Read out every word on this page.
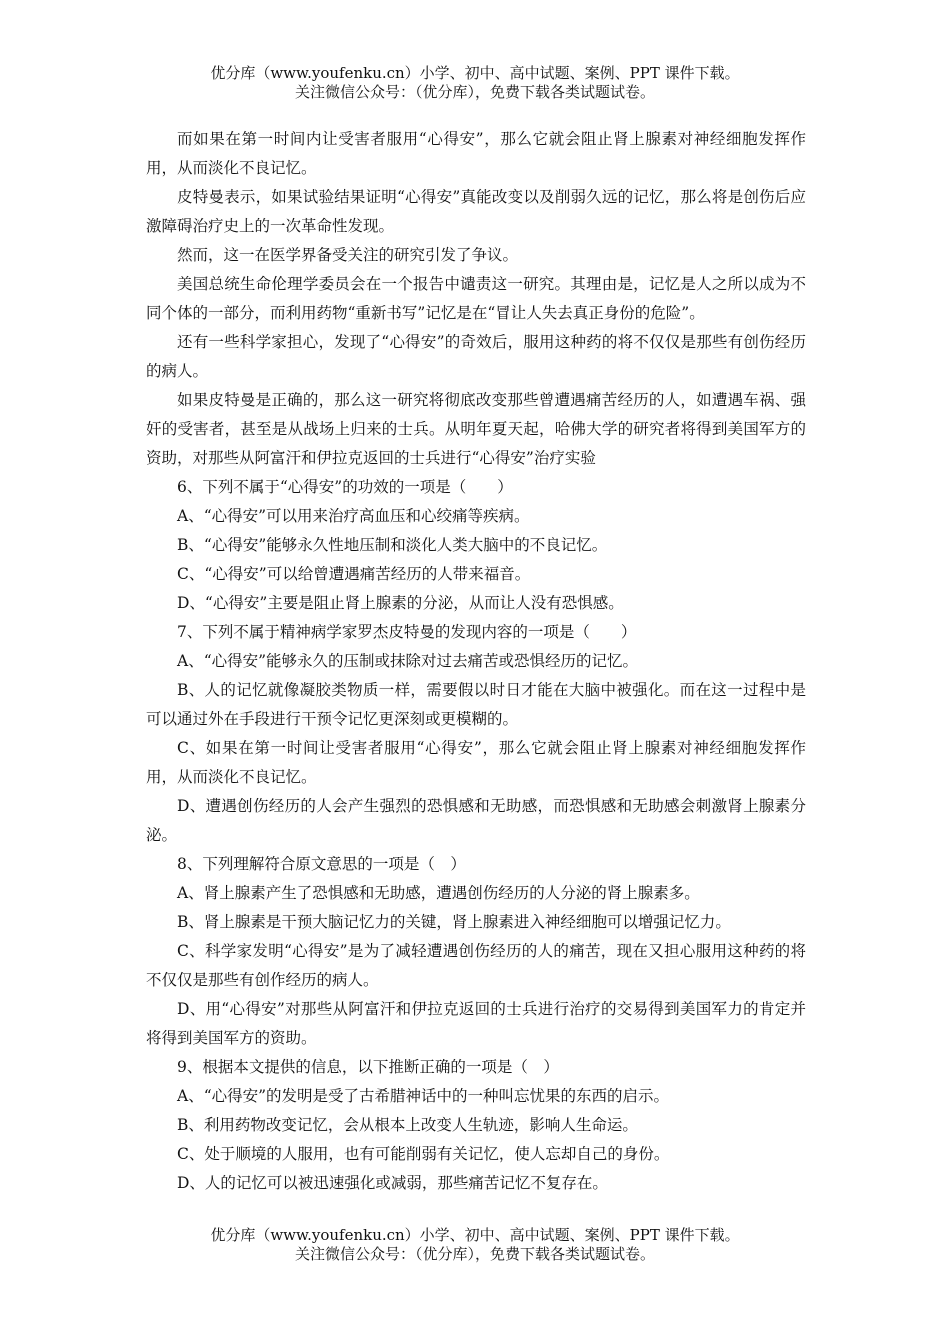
优分库（www.youfenku.cn）小学、初中、高中试题、案例、PPT 课件下载。
关注微信公众号：（优分库），免费下载各类试题试卷。

而如果在第一时间内让受害者服用“心得安”，那么它就会阻止肾上腺素对神经细胞发挥作用，从而淡化不良记忆。

皮特曼表示，如果试验结果证明“心得安”真能改变以及削弱久远的记忆，那么将是创伤后应激障碍治疗史上的一次革命性发现。

然而，这一在医学界备受关注的研究引发了争议。

美国总统生命伦理学委员会在一个报告中谴责这一研究。其理由是，记忆是人之所以成为不同个体的一部分，而利用药物“重新书写”记忆是在“冒让人失去真正身份的危险”。

还有一些科学家担心，发现了“心得安”的奇效后，服用这种药的将不仅仅是那些有创伤经历的病人。

如果皮特曼是正确的，那么这一研究将彻底改变那些曾遭遇痛苦经历的人，如遭遇车祸、强奸的受害者，甚至是从战场上归来的士兵。从明年夏天起，哈佛大学的研究者将得到美国军方的资助，对那些从阿富汗和伊拉克返回的士兵进行“心得安”治疗实验

6、下列不属于“心得安”的功效的一项是（　　）

A、“心得安”可以用来治疗高血压和心绞痛等疾病。

B、“心得安”能够永久性地压制和淡化人类大脑中的不良记忆。

C、“心得安”可以给曾遭遇痛苦经历的人带来福音。

D、“心得安”主要是阻止肾上腺素的分泌，从而让人没有恐惧感。

7、下列不属于精神病学家罗杰皮特曼的发现内容的一项是（　　）

A、“心得安”能够永久的压制或抹除对过去痛苦或恐惧经历的记忆。

B、人的记忆就像凝胶类物质一样，需要假以时日才能在大脑中被强化。而在这一过程中是可以通过外在手段进行干预令记忆更深刻或更模糊的。

C、如果在第一时间让受害者服用“心得安”，那么它就会阻止肾上腺素对神经细胞发挥作用，从而淡化不良记忆。

D、遭遇创伤经历的人会产生强烈的恐惧感和无助感，而恐惧感和无助感会刺激肾上腺素分泌。

8、下列理解符合原文意思的一项是（　）

A、肾上腺素产生了恐惧感和无助感，遭遇创伤经历的人分泌的肾上腺素多。

B、肾上腺素是干预大脑记忆力的关键，肾上腺素进入神经细胞可以增强记忆力。

C、科学家发明“心得安”是为了减轻遭遇创伤经历的人的痛苦，现在又担心服用这种药的将不仅仅是那些有创作经历的病人。

D、用“心得安”对那些从阿富汗和伊拉克返回的士兵进行治疗的交易得到美国军力的肯定并将得到美国军方的资助。

9、根据本文提供的信息，以下推断正确的一项是（　）

A、“心得安”的发明是受了古希腊神话中的一种叫忘忧果的东西的启示。

B、利用药物改变记忆，会从根本上改变人生轨迹，影响人生命运。

C、处于顺境的人服用，也有可能削弱有关记忆，使人忘却自己的身份。

D、人的记忆可以被迅速强化或减弱，那些痛苦记忆不复存在。

优分库（www.youfenku.cn）小学、初中、高中试题、案例、PPT 课件下载。
关注微信公众号：（优分库），免费下载各类试题试卷。
